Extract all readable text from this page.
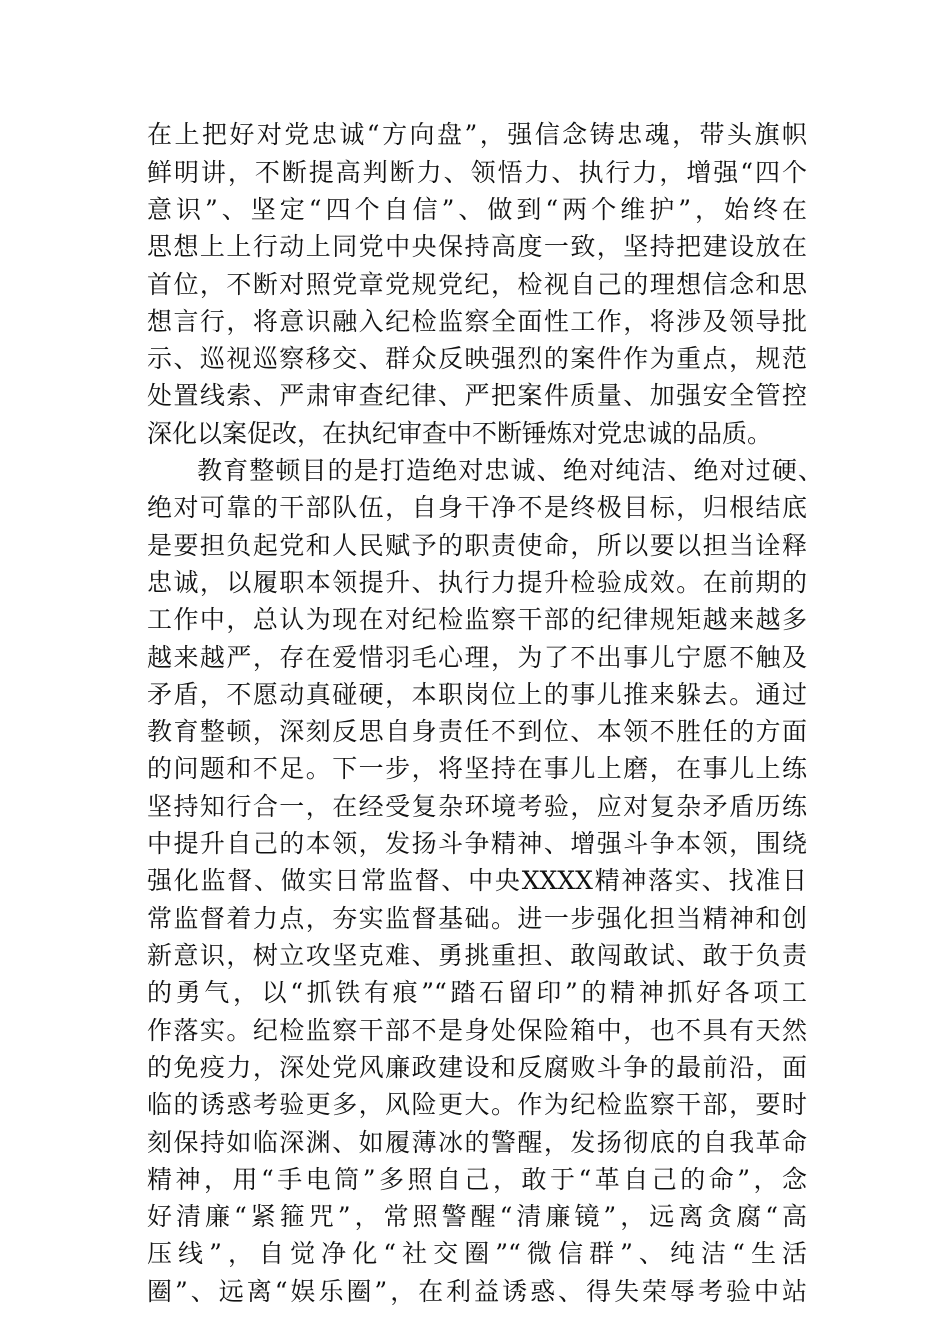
在上把好对党忠诚“方向盘”，强信念铸忠魂，带头旗帜
鲜明讲，不断提高判断力、领悟力、执行力，增强“四个
意识”、坚定“四个自信”、做到“两个维护”，始终在
思想上上行动上同党中央保持高度一致，坚持把建设放在
首位，不断对照党章党规党纪，检视自己的理想信念和思
想言行，将意识融入纪检监察全面性工作，将涉及领导批
示、巡视巡察移交、群众反映强烈的案件作为重点，规范
处置线索、严肃审查纪律、严把案件质量、加强安全管控
深化以案促改，在执纪审查中不断锤炼对党忠诚的品质。
教育整顿目的是打造绝对忠诚、绝对纯洁、绝对过硬、
绝对可靠的干部队伍，自身干净不是终极目标，归根结底
是要担负起党和人民赋予的职责使命，所以要以担当诠释
忠诚，以履职本领提升、执行力提升检验成效。在前期的
工作中，总认为现在对纪检监察干部的纪律规矩越来越多
越来越严，存在爱惜羽毛心理，为了不出事儿宁愿不触及
矛盾，不愿动真碰硬，本职岗位上的事儿推来躲去。通过
教育整顿，深刻反思自身责任不到位、本领不胜任的方面
的问题和不足。下一步，将坚持在事儿上磨，在事儿上练
坚持知行合一，在经受复杂环境考验，应对复杂矛盾历练
中提升自己的本领，发扬斗争精神、增强斗争本领，围绕
强化监督、做实日常监督、中央XXXX精神落实、找准日
常监督着力点，夯实监督基础。进一步强化担当精神和创
新意识，树立攻坚克难、勇挑重担、敢闯敢试、敢于负责
的勇气，以“抓铁有痕”“踏石留印”的精神抓好各项工
作落实。纪检监察干部不是身处保险箱中，也不具有天然
的免疫力，深处党风廉政建设和反腐败斗争的最前沿，面
临的诱惑考验更多，风险更大。作为纪检监察干部，要时
刻保持如临深渊、如履薄冰的警醒，发扬彻底的自我革命
精神，用“手电筒”多照自己，敢于“革自己的命”，念
好清廉“紧箍咒”，常照警醒“清廉镜”，远离贪腐“高
压线”，自觉净化“社交圈”“微信群”、纯洁“生活
圈”、远离“娱乐圈”，在利益诱惑、得失荣辱考验中站
